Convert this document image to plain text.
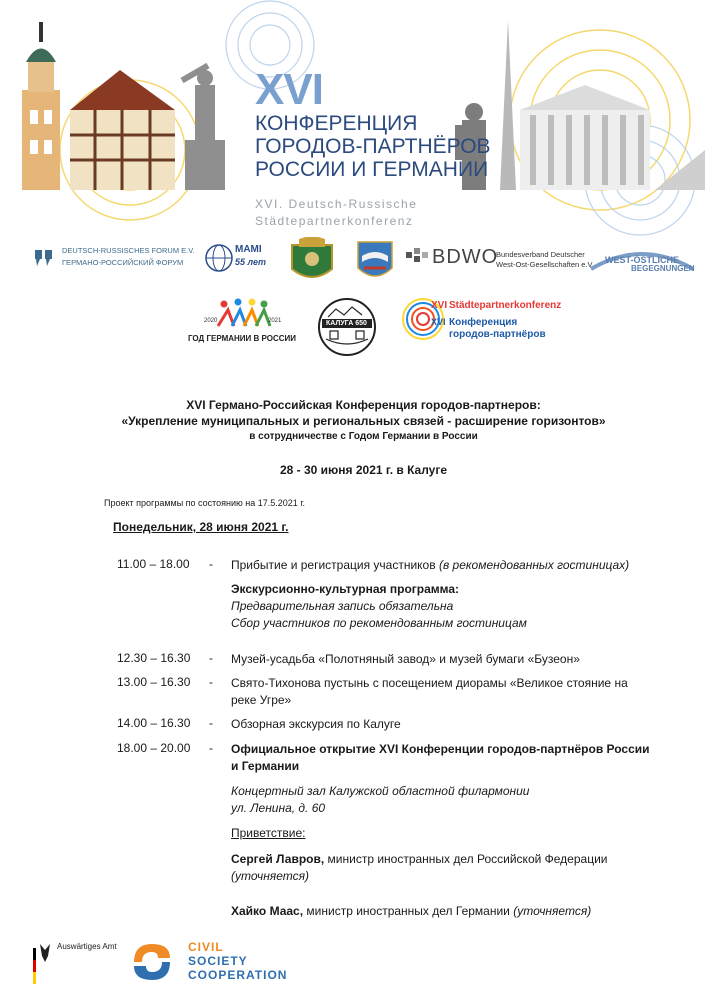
XVI
КОНФЕРЕНЦИЯ
ГОРОДОВ-ПАРТНЁРОВ
РОССИИ И ГЕРМАНИИ
XVI. Deutsch-Russische
Städtepartnerkonferenz
DEUTSCH-RUSSISCHES FORUM E.V.
ГЕРМАНО-РОССИЙСКИЙ ФОРУМ
МАМI
55 лет	BDWO
Bundesverband Deutscher
West-Ost-Gesellschaften e.V.	WEST-ÖSTLICHE
BEGEGNUNGEN
2020	2021
ГОД ГЕРМАНИИ В РОССИИ
КАЛУГА 650
XVI Städtepartnerkonferenz
XVI Конференция
городов-партнёров
XVI Германо-Российская Конференция городов-партнеров:
«Укрепление муниципальных и региональных связей - расширение горизонтов»
в сотрудничестве с Годом Германии в России
28 - 30 июня 2021 г. в Калуге
Проект программы по состоянию на 17.5.2021 г.
Понедельник, 28 июня 2021 г.
11.00 – 18.00 - Прибытие и регистрация участников (в рекомендованных гостиницах)
Экскурсионно-культурная программа:
Предварительная запись обязательна
Сбор участников по рекомендованным гостиницам
12.30 – 16.30 - Музей-усадьба «Полотняный завод» и музей бумаги «Бузеон»
13.00 – 16.30 - Свято-Тихонова пустынь с посещением диорамы «Великое стояние на
реке Угре»
14.00 – 16.30 - Обзорная экскурсия по Калуге
18.00 – 20.00 - Официальное открытие XVI Конференции городов-партнёров России
и Германии
Концертный зал Калужской областной филармонии
ул. Ленина, д. 60
Приветствие:
Сергей Лавров, министр иностранных дел Российской Федерации
(уточняется)
Хайко Маас, министр иностранных дел Германии (уточняется)
Auswärtiges Amt	CIVIL
SOCIETY
COOPERATION
